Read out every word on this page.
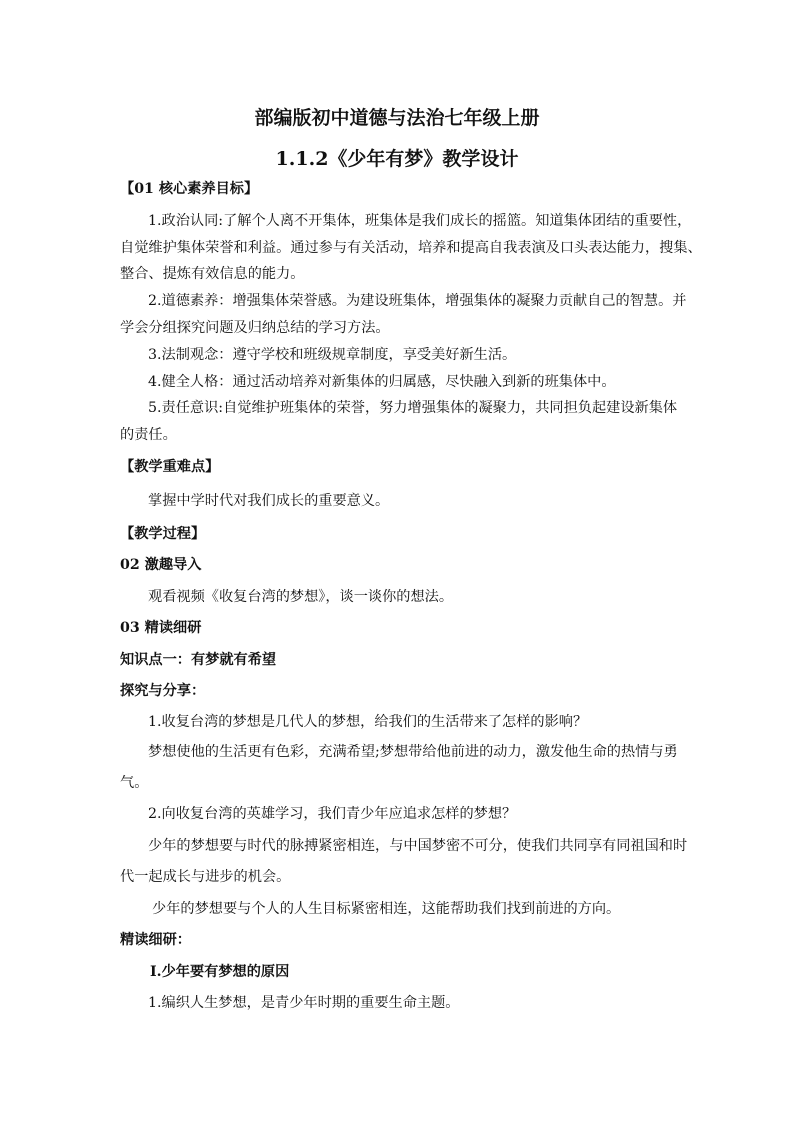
部编版初中道德与法治七年级上册
1.1.2《少年有梦》教学设计
【01 核心素养目标】
1.政治认同:了解个人离不开集体，班集体是我们成长的摇篮。知道集体团结的重要性，
自觉维护集体荣誉和利益。通过参与有关活动，培养和提高自我表演及口头表达能力，搜集、
整合、提炼有效信息的能力。
2.道德素养：增强集体荣誉感。为建设班集体，增强集体的凝聚力贡献自己的智慧。并
学会分组探究问题及归纳总结的学习方法。
3.法制观念：遵守学校和班级规章制度，享受美好新生活。
4.健全人格：通过活动培养对新集体的归属感，尽快融入到新的班集体中。
5.责任意识:自觉维护班集体的荣誉，努力增强集体的凝聚力，共同担负起建设新集体
的责任。
【教学重难点】
掌握中学时代对我们成长的重要意义。
【教学过程】
02 激趣导入
观看视频《收复台湾的梦想》，谈一谈你的想法。
03 精读细研
知识点一：有梦就有希望
探究与分享：
1.收复台湾的梦想是几代人的梦想，给我们的生活带来了怎样的影响？
梦想使他的生活更有色彩，充满希望;梦想带给他前进的动力，激发他生命的热情与勇
气。
2.向收复台湾的英雄学习，我们青少年应追求怎样的梦想？
少年的梦想要与时代的脉搏紧密相连，与中国梦密不可分，使我们共同享有同祖国和时
代一起成长与进步的机会。
少年的梦想要与个人的人生目标紧密相连，这能帮助我们找到前进的方向。
精读细研：
Ⅰ.少年要有梦想的原因
1.编织人生梦想，是青少年时期的重要生命主题。
